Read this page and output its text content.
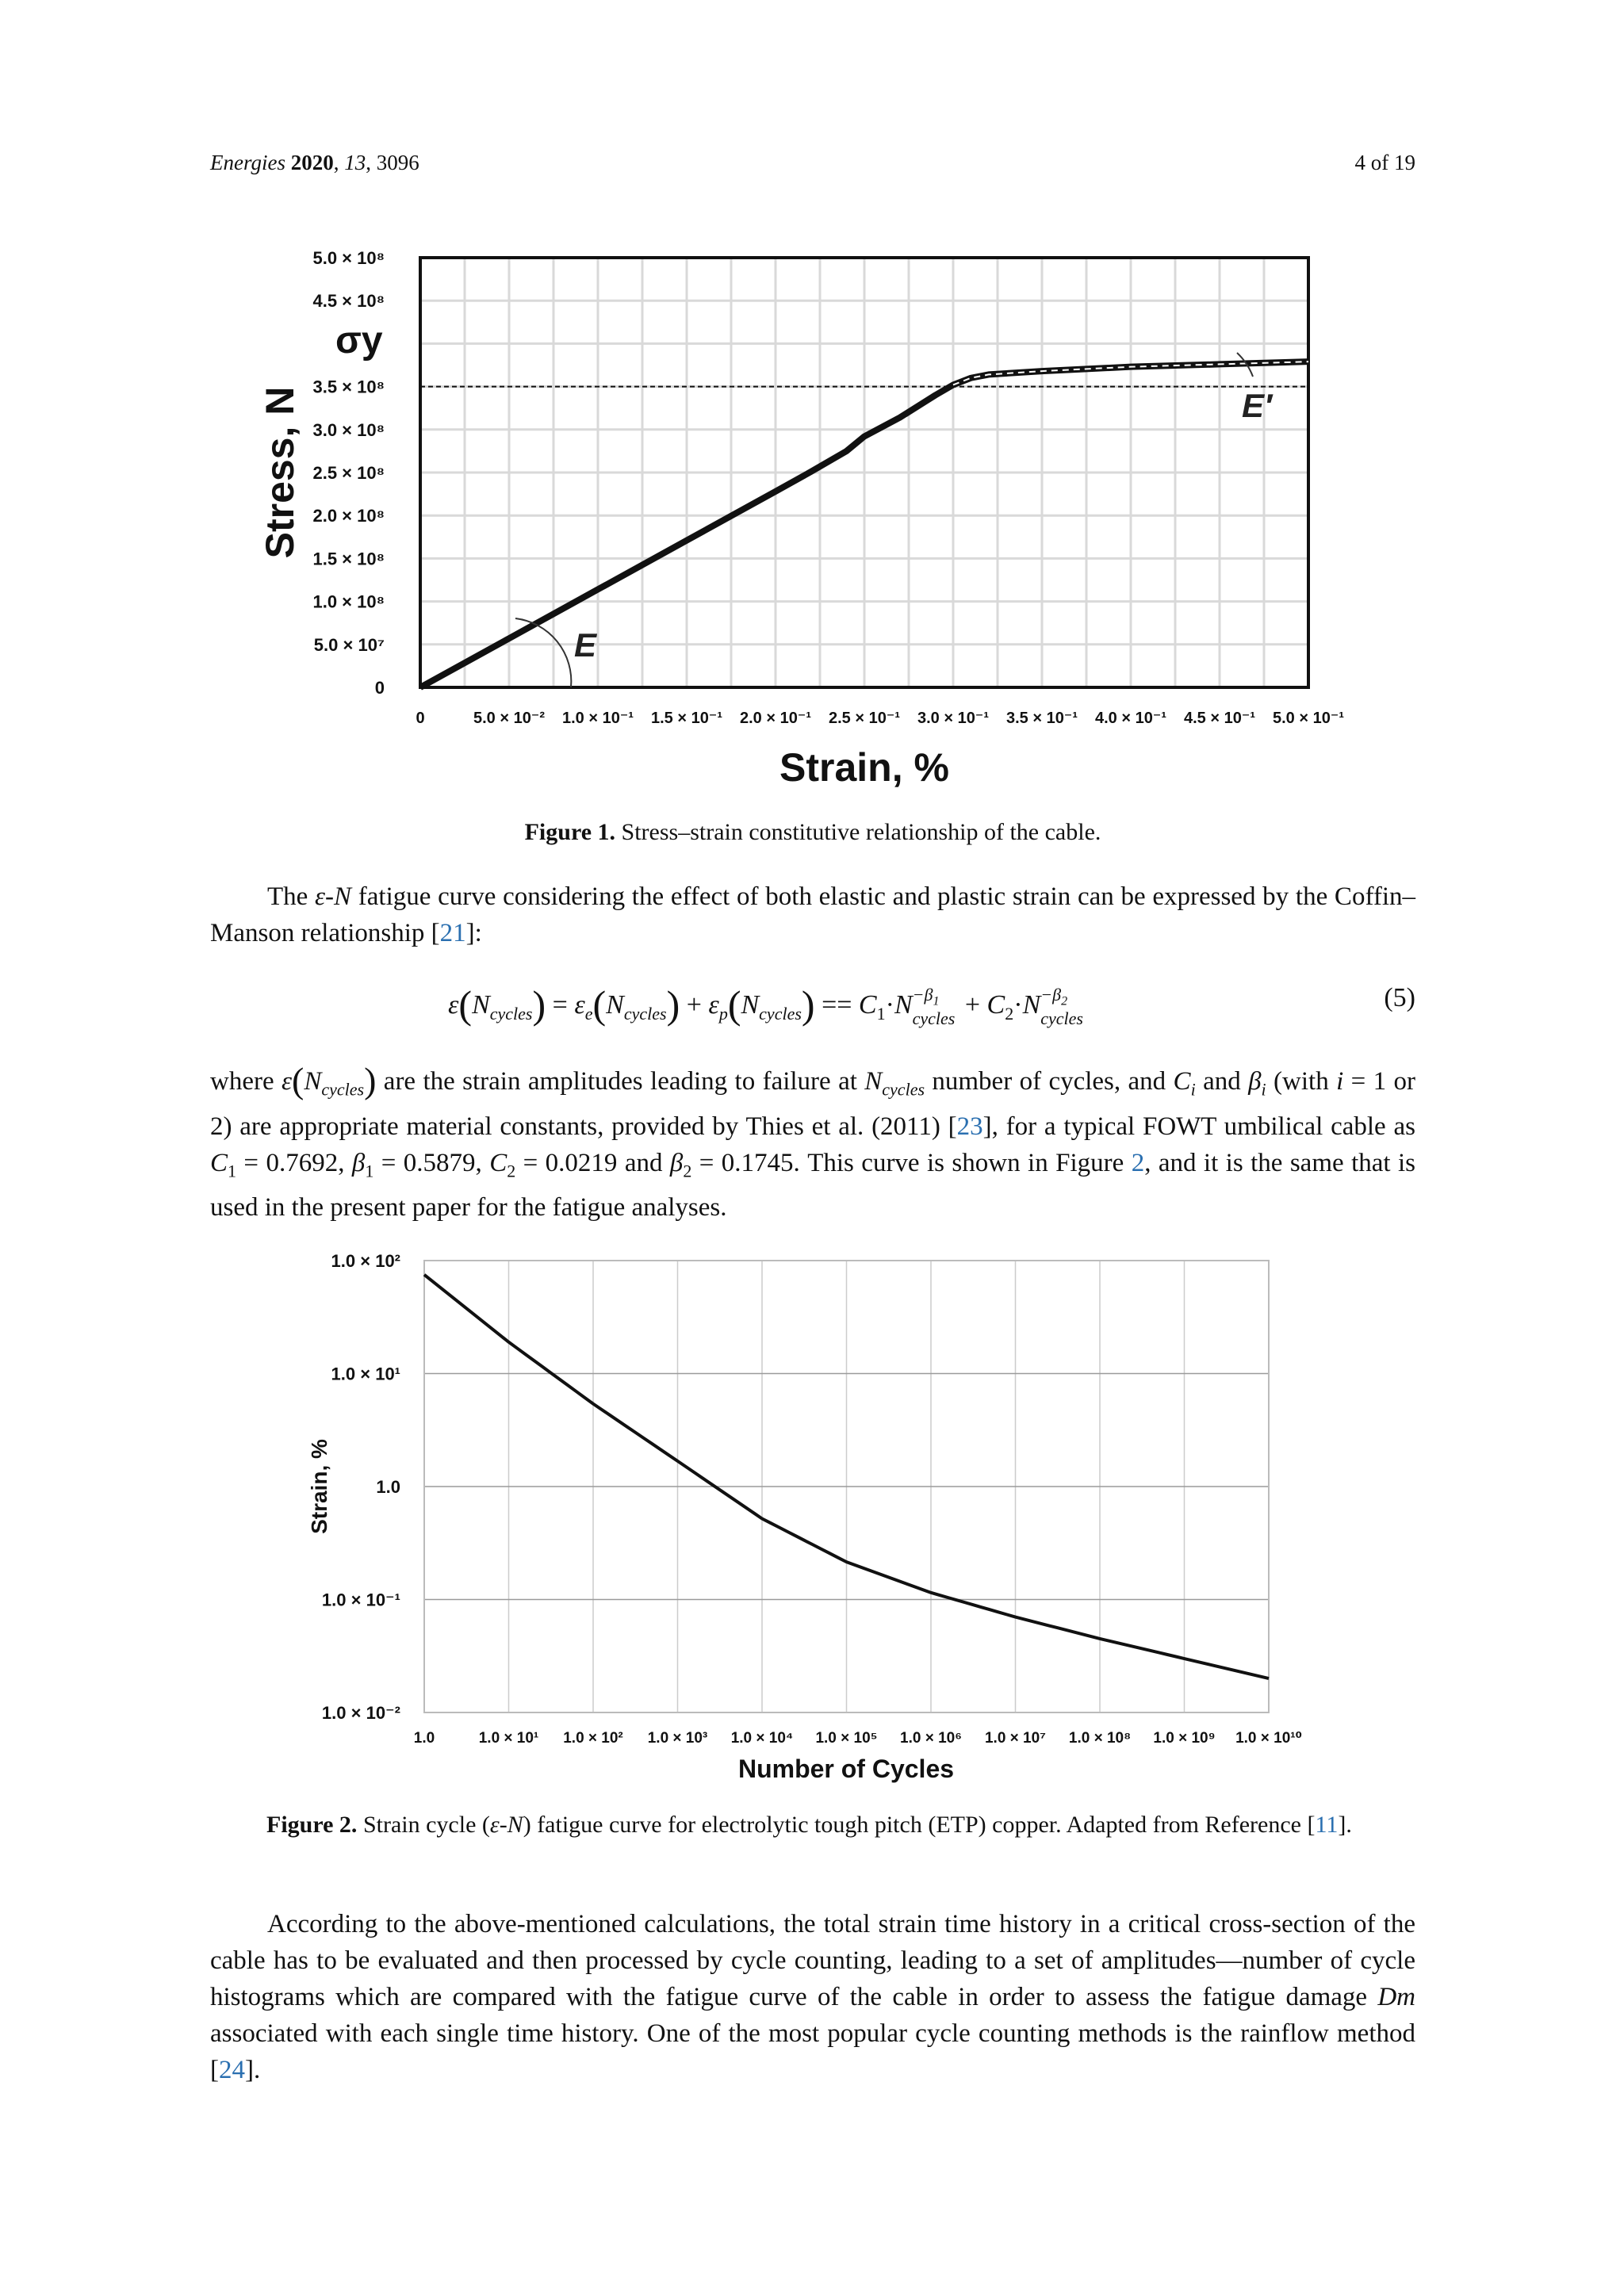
Energies 2020, 13, 3096	4 of 19
E
E′
σy
0
5.0 × 10⁷
1.0 × 10⁸
1.5 × 10⁸
2.0 × 10⁸
2.5 × 10⁸
3.0 × 10⁸
3.5 × 10⁸
4.5 × 10⁸
5.0 × 10⁸
0	5.0 × 10⁻² 1.0 × 10⁻¹ 1.5 × 10⁻¹ 2.0 × 10⁻¹ 2.5 × 10⁻¹ 3.0 × 10⁻¹ 3.5 × 10⁻¹ 4.0 × 10⁻¹ 4.5 × 10⁻¹ 5.0 × 10⁻¹
Stress, N
Strain, %
Figure 1. Stress–strain constitutive relationship of the cable.

The ε-N fatigue curve considering the effect of both elastic and plastic strain can be expressed by the Coffin–Manson relationship [21]:

$\varepsilon(N_{cycles}) = \varepsilon_e(N_{cycles}) + \varepsilon_p(N_{cycles}) == C_1\cdot N -\beta_1$
cycles + $C_2\cdot N -\beta_2$
cycles
(5)

where $\varepsilon(N_{cycles})$ are the strain amplitudes leading to failure at $N_{cycles}$ number of cycles, and $C_i$ and $\beta_i$ (with i = 1 or 2) are appropriate material constants, provided by Thies et al. (2011) [23], for a typical FOWT umbilical cable as $C_1 = 0.7692$, $\beta_1 = 0.5879$, $C_2 = 0.0219$ and $\beta_2 = 0.1745$. This curve is shown in Figure 2, and it is the same that is used in the present paper for the fatigue analyses.

1.0 × 10⁻²
1.0 × 10⁻¹
1.0
1.0 × 10¹
1.0 × 10²
1.0	1.0 × 10¹ 1.0 × 10² 1.0 × 10³ 1.0 × 10⁴ 1.0 × 10⁵ 1.0 × 10⁶ 1.0 × 10⁷ 1.0 × 10⁸ 1.0 × 10⁹ 1.0 × 10¹⁰
Strain, %
Number of Cycles
Figure 2. Strain cycle (ε-N) fatigue curve for electrolytic tough pitch (ETP) copper. Adapted from Reference [11].

According to the above-mentioned calculations, the total strain time history in a critical cross-section of the cable has to be evaluated and then processed by cycle counting, leading to a set of amplitudes—number of cycle histograms which are compared with the fatigue curve of the cable in order to assess the fatigue damage Dm associated with each single time history. One of the most popular cycle counting methods is the rainflow method [24].
